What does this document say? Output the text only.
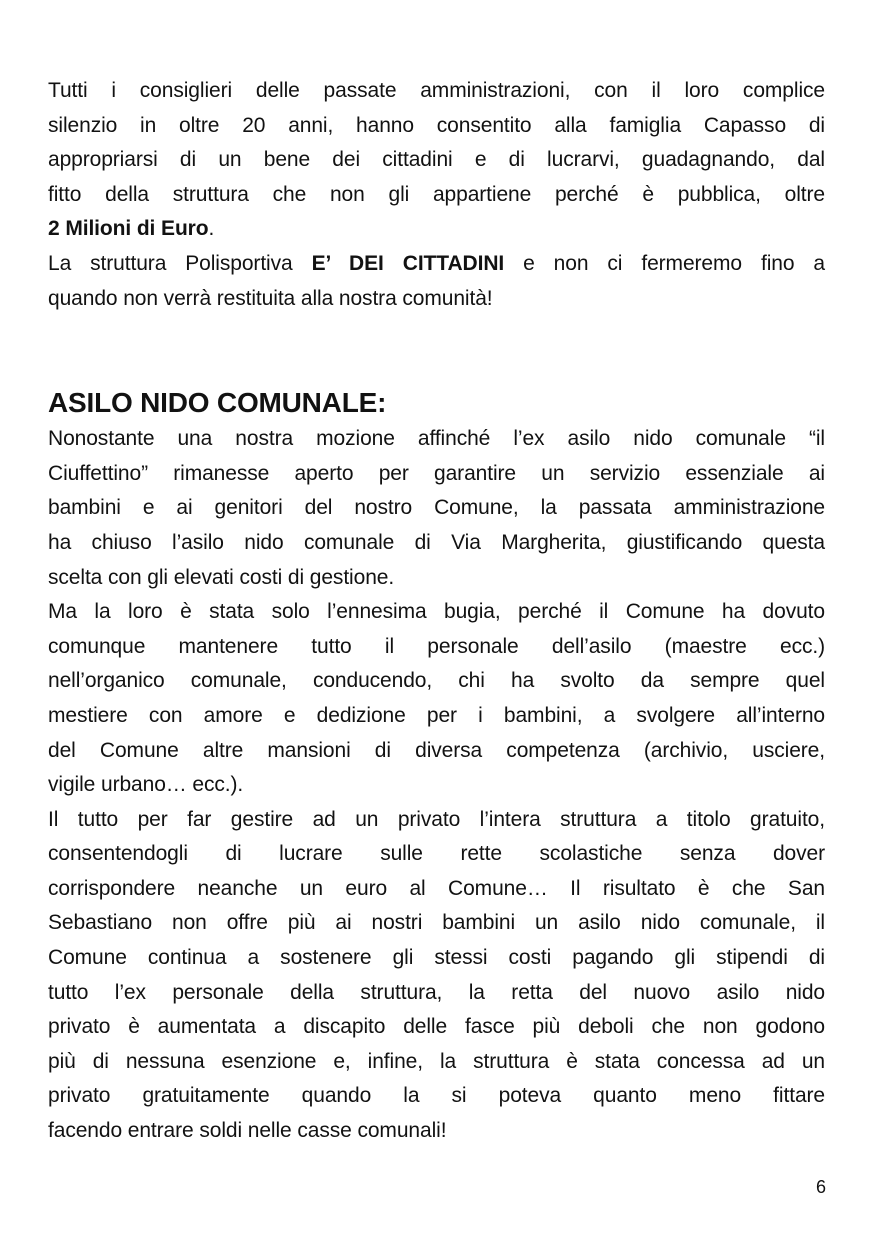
Tutti i consiglieri delle passate amministrazioni, con il loro complice
silenzio in oltre 20 anni, hanno consentito alla famiglia Capasso di
appropriarsi di un bene dei cittadini e di lucrarvi, guadagnando, dal
fitto della struttura che non gli appartiene perché è pubblica, oltre
2 Milioni di Euro.
La struttura Polisportiva E’ DEI CITTADINI e non ci fermeremo fino a
quando non verrà restituita alla nostra comunità!
ASILO NIDO COMUNALE:
Nonostante una nostra mozione affinché l’ex asilo nido comunale “il
Ciuffettino” rimanesse aperto per garantire un servizio essenziale ai
bambini e ai genitori del nostro Comune, la passata amministrazione
ha chiuso l’asilo nido comunale di Via Margherita, giustificando questa
scelta con gli elevati costi di gestione.
Ma la loro è stata solo l’ennesima bugia, perché il Comune ha dovuto
comunque mantenere tutto il personale dell’asilo (maestre ecc.)
nell’organico comunale, conducendo, chi ha svolto da sempre quel
mestiere con amore e dedizione per i bambini, a svolgere all’interno
del Comune altre mansioni di diversa competenza (archivio, usciere,
vigile urbano… ecc.).
Il tutto per far gestire ad un privato l’intera struttura a titolo gratuito,
consentendogli di lucrare sulle rette scolastiche senza dover
corrispondere neanche un euro al Comune… Il risultato è che San
Sebastiano non offre più ai nostri bambini un asilo nido comunale, il
Comune continua a sostenere gli stessi costi pagando gli stipendi di
tutto l’ex personale della struttura, la retta del nuovo asilo nido
privato è aumentata a discapito delle fasce più deboli che non godono
più di nessuna esenzione e, infine, la struttura è stata concessa ad un
privato gratuitamente quando la si poteva quanto meno fittare
facendo entrare soldi nelle casse comunali!
6
